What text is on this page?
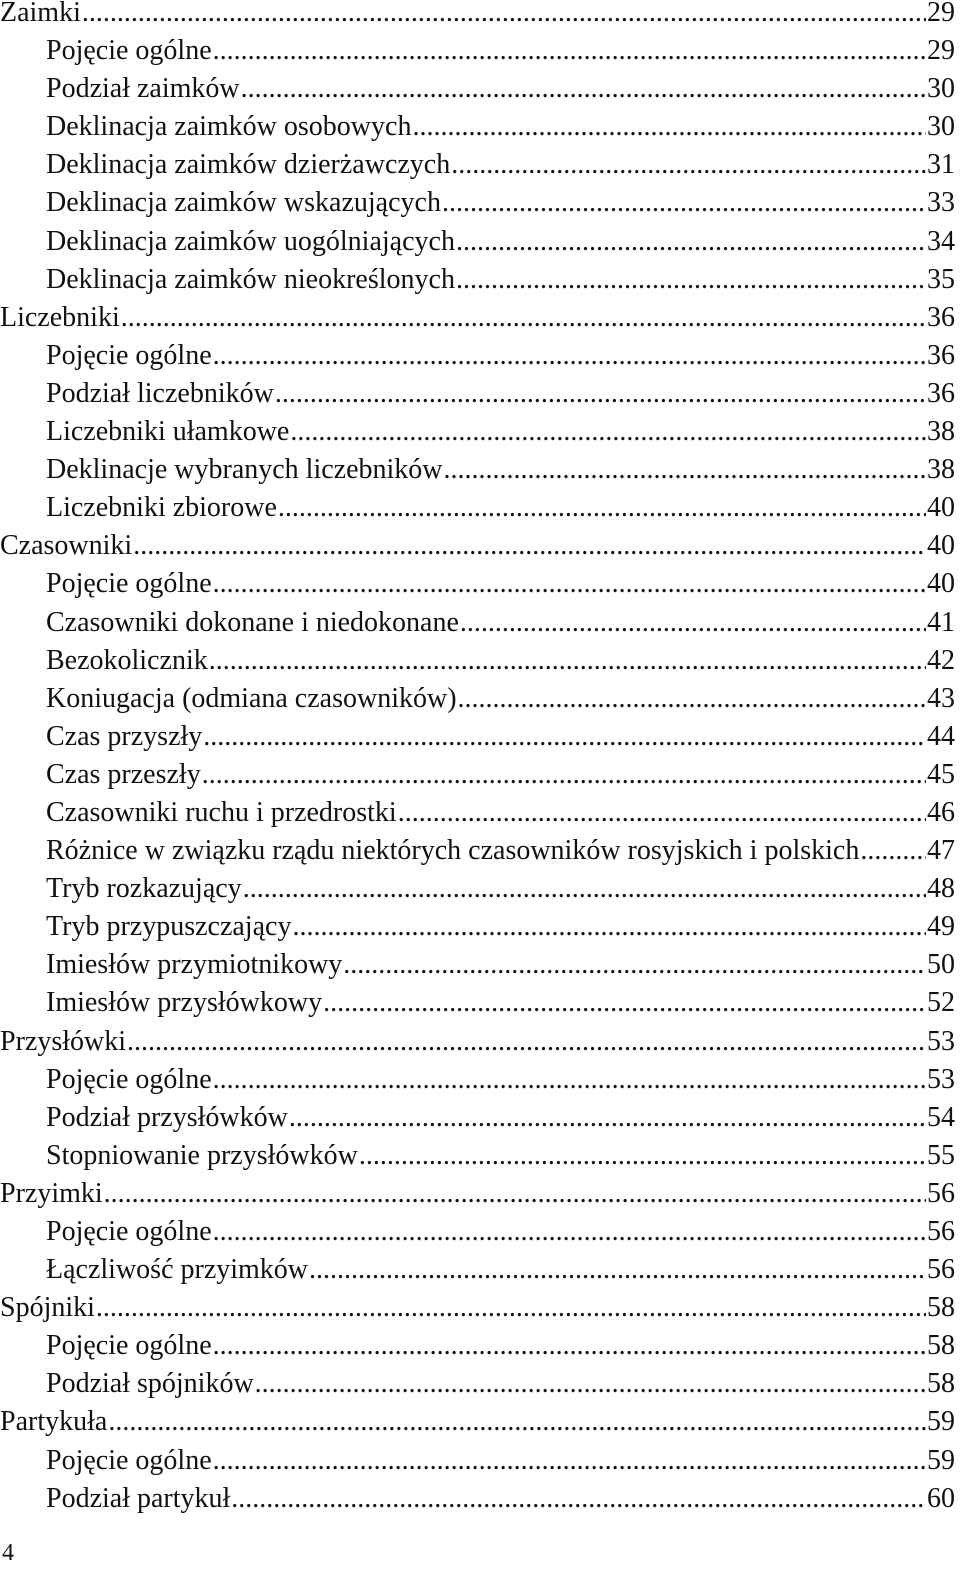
Zaimki .....	29
Pojęcie ogólne .....	29
Podział zaimków .....	30
Deklinacja zaimków osobowych .....	30
Deklinacja zaimków dzierżawczych .....	31
Deklinacja zaimków wskazujących .....	33
Deklinacja zaimków uogólniających .....	34
Deklinacja zaimków nieokreślonych .....	35
Liczebniki .....	36
Pojęcie ogólne .....	36
Podział liczebników .....	36
Liczebniki ułamkowe .....	38
Deklinacje wybranych liczebników .....	38
Liczebniki zbiorowe .....	40
Czasowniki .....	40
Pojęcie ogólne .....	40
Czasowniki dokonane i niedokonane .....	41
Bezokolicznik .....	42
Koniugacja (odmiana czasowników) .....	43
Czas przyszły .....	44
Czas przeszły .....	45
Czasowniki ruchu i przedrostki .....	46
Różnice w związku rządu niektórych czasowników rosyjskich i polskich ..... 47
Tryb rozkazujący .....	48
Tryb przypuszczający .....	49
Imiesłów przymiotnikowy .....	50
Imiesłów przysłówkowy .....	52
Przysłówki .....	53
Pojęcie ogólne .....	53
Podział przysłówków .....	54
Stopniowanie przysłówków .....	55
Przyimki .....	56
Pojęcie ogólne .....	56
Łączliwość przyimków .....	56
Spójniki .....	58
Pojęcie ogólne .....	58
Podział spójników .....	58
Partykuła .....	59
Pojęcie ogólne .....	59
Podział partykuł .....	60
4
